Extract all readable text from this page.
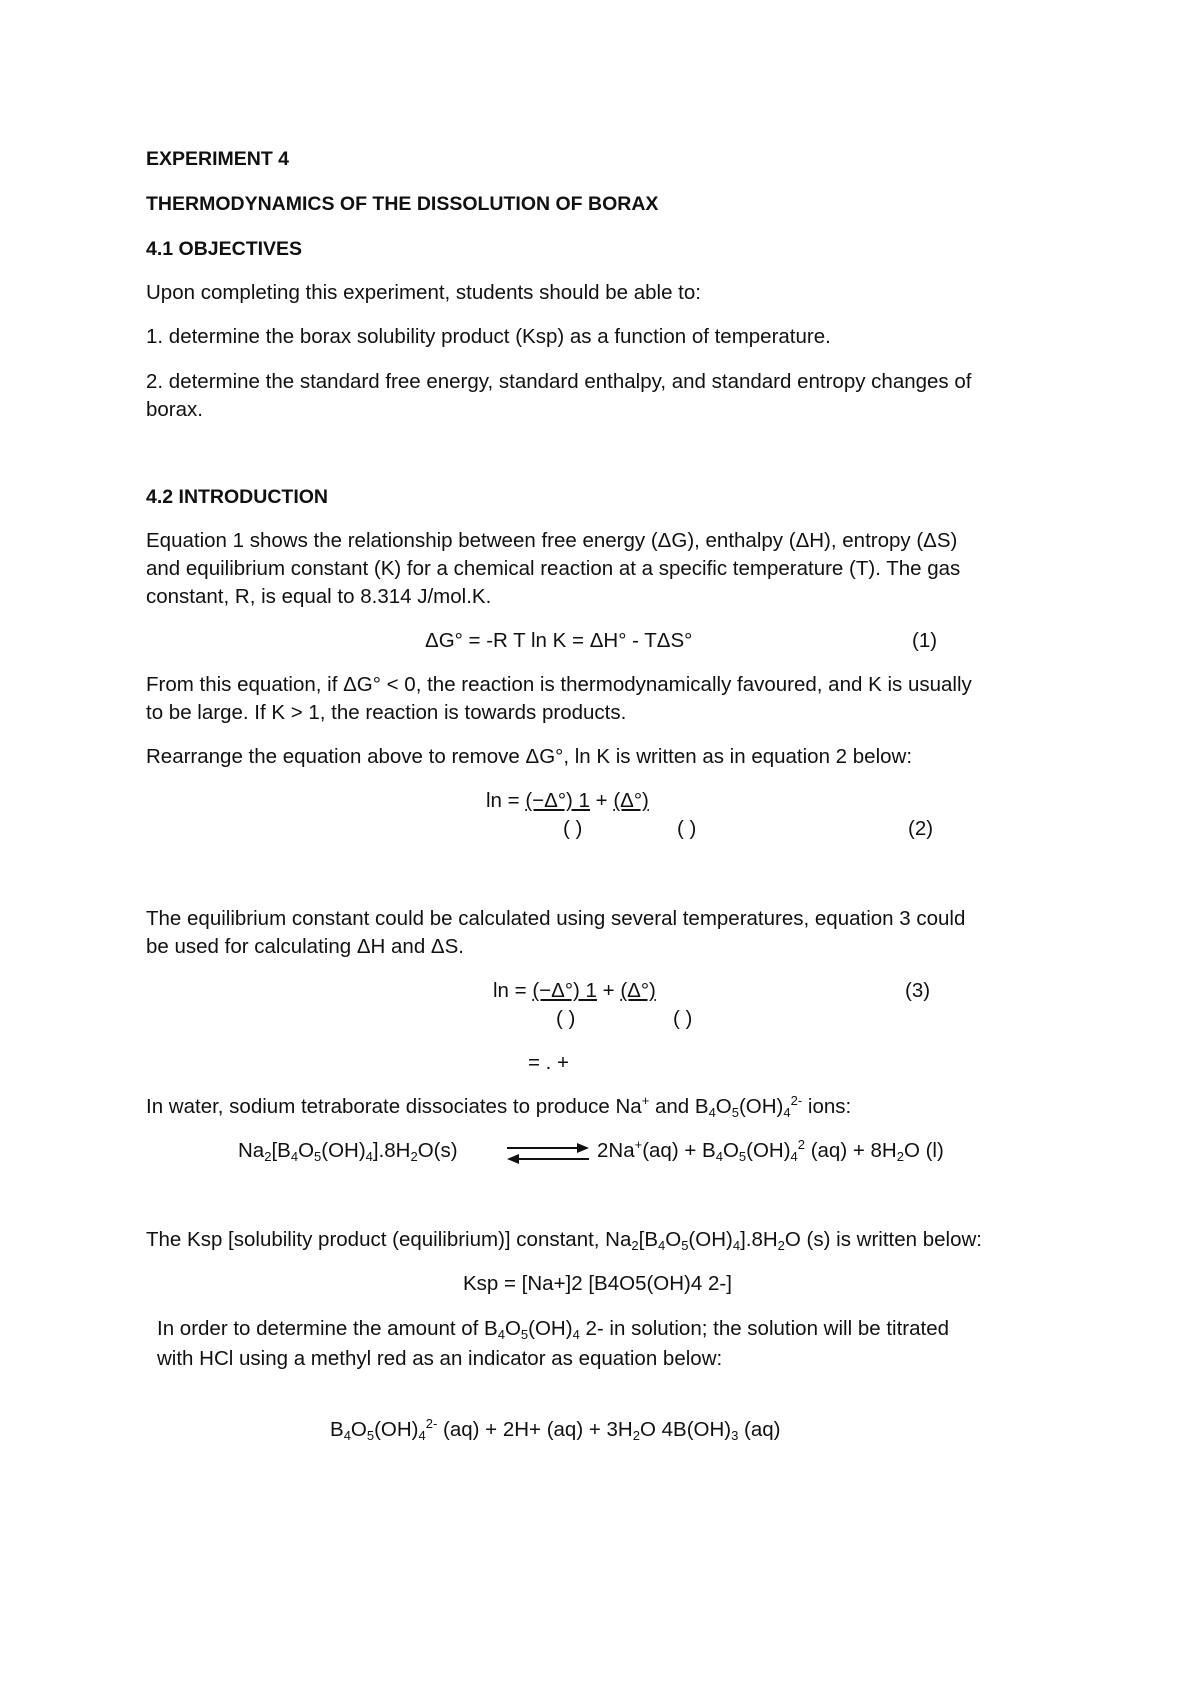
EXPERIMENT 4
THERMODYNAMICS OF THE DISSOLUTION OF BORAX
4.1 OBJECTIVES
Upon completing this experiment, students should be able to:
1. determine the borax solubility product (Ksp) as a function of temperature.
2. determine the standard free energy, standard enthalpy, and standard entropy changes of
borax.
4.2 INTRODUCTION
Equation 1 shows the relationship between free energy (ΔG), enthalpy (ΔH), entropy (ΔS)
and equilibrium constant (K) for a chemical reaction at a specific temperature (T). The gas
constant, R, is equal to 8.314 J/mol.K.
ΔG° = -R T ln K = ΔH° - TΔS°	(1)
From this equation, if ΔG° < 0, the reaction is thermodynamically favoured, and K is usually
to be large. If K > 1, the reaction is towards products.
Rearrange the equation above to remove ΔG°, ln K is written as in equation 2 below:
ln = (−Δ°) 1 + (Δ°)
( )	( )	(2)
The equilibrium constant could be calculated using several temperatures, equation 3 could
be used for calculating ΔH and ΔS.
ln = (−Δ°) 1 + (Δ°)	(3)
( )	( )
= . +
In water, sodium tetraborate dissociates to produce Na+ and $B_4O_5(OH)_4^{2-}$ ions:
$Na_2[B_4O_5(OH)_4].8H_2O(s)$	$2Na^+(aq) + B_4O_5(OH)_4^2$ $(aq) + 8H_2O$ (l)
The Ksp [solubility product (equilibrium)] constant, $Na_2[B_4O_5(OH)_4].8H_2O$ (s) is written below:
Ksp = [Na+]2 [B4O5(OH)4 2-]
In order to determine the amount of $B_4O_5(OH)_4$ 2- in solution; the solution will be titrated
with HCl using a methyl red as an indicator as equation below:
$B_4O_5(OH)_4^{2-}$ $(aq) + 2H+ (aq) + 3H_2O$ $4B(OH)_3$ (aq)
